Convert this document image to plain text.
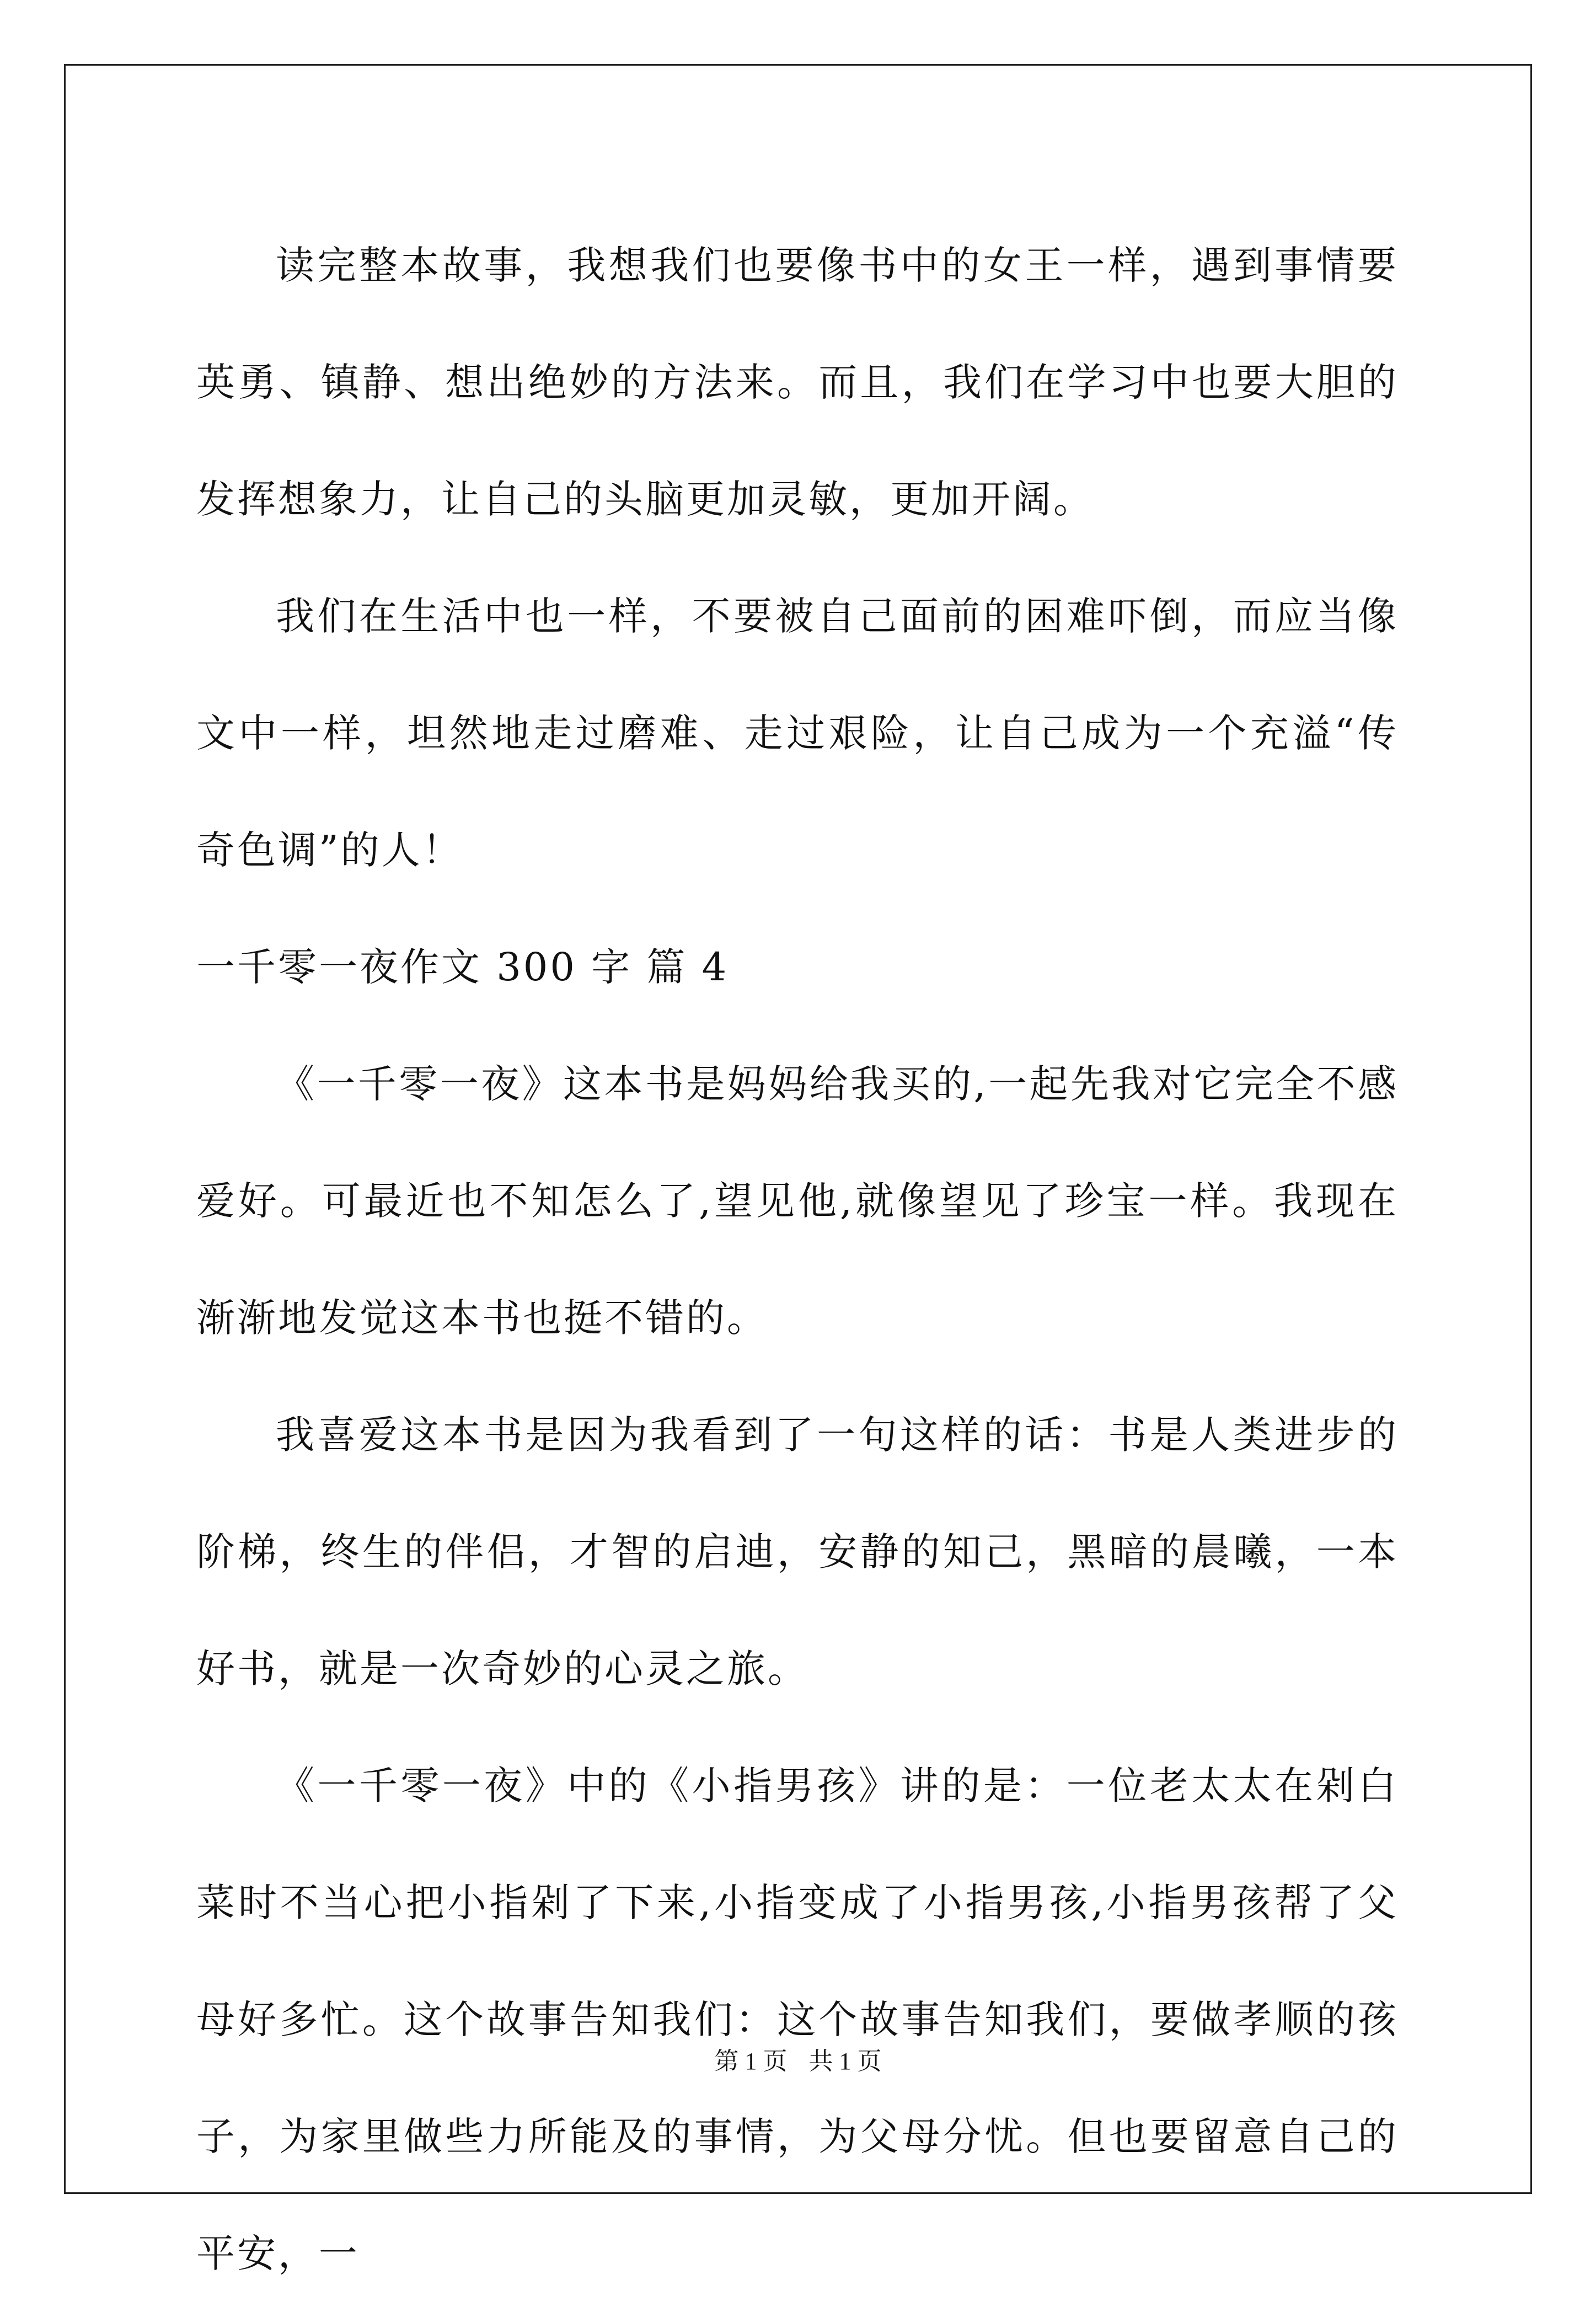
读完整本故事，我想我们也要像书中的女王一样，遇到事情要英勇、镇静、想出绝妙的方法来。而且，我们在学习中也要大胆的发挥想象力，让自己的头脑更加灵敏，更加开阔。

我们在生活中也一样，不要被自己面前的困难吓倒，而应当像文中一样，坦然地走过磨难、走过艰险，让自己成为一个充溢“传奇色调”的人！

一千零一夜作文 300 字 篇 4

《一千零一夜》这本书是妈妈给我买的,一起先我对它完全不感爱好。可最近也不知怎么了,望见他,就像望见了珍宝一样。我现在渐渐地发觉这本书也挺不错的。

我喜爱这本书是因为我看到了一句这样的话：书是人类进步的阶梯，终生的伴侣，才智的启迪，安静的知己，黑暗的晨曦，一本好书，就是一次奇妙的心灵之旅。

《一千零一夜》中的《小指男孩》讲的是：一位老太太在剁白菜时不当心把小指剁了下来,小指变成了小指男孩,小指男孩帮了父母好多忙。这个故事告知我们：这个故事告知我们，要做孝顺的孩子，为家里做些力所能及的事情，为父母分忧。但也要留意自己的平安，一

第 1 页 共 1 页
